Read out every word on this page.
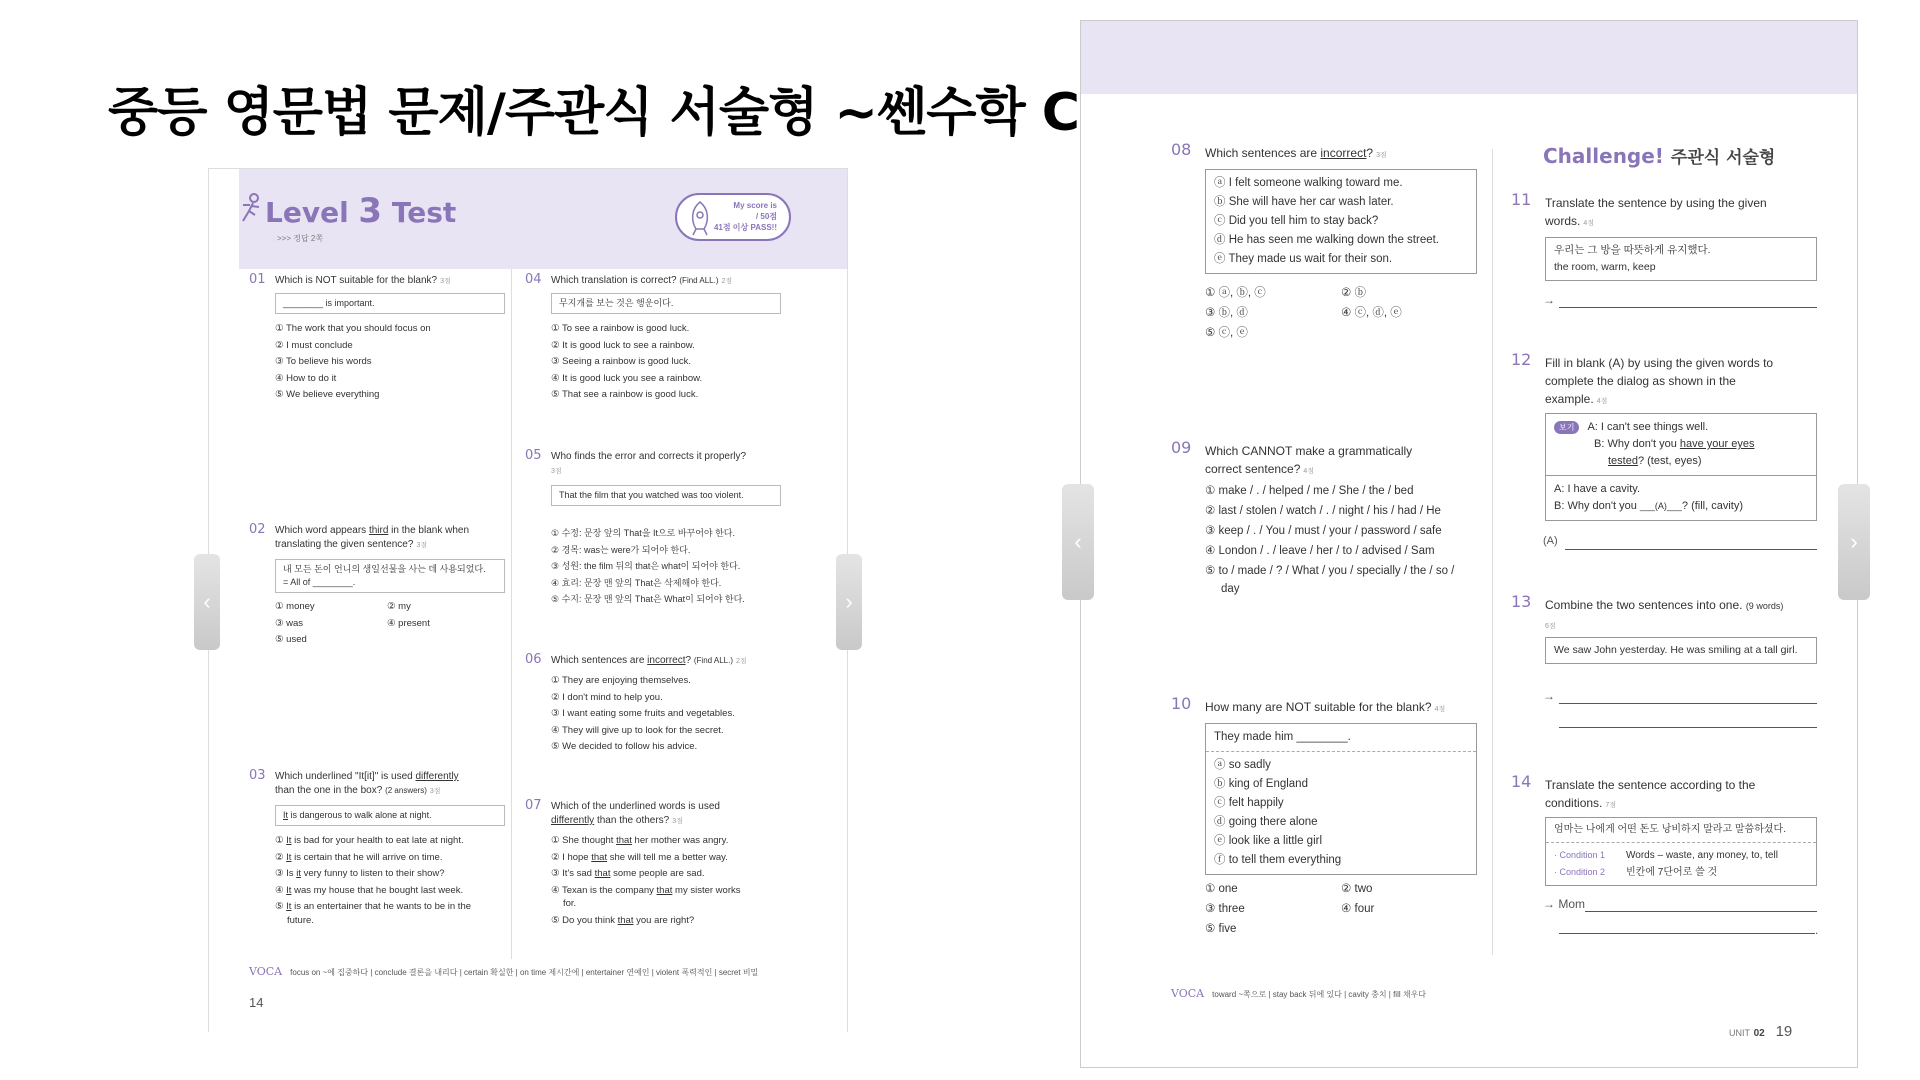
중등 영문법 문제/주관식 서술형 ~쎈수학 C
Level 3 Test
>>> 정답 2쪽
My score is
/ 50점
41점 이상 PASS!!
01 Which is NOT suitable for the blank? 3점
________ is important.
① The work that you should focus on
② I must conclude
③ To believe his words
④ How to do it
⑤ We believe everything
02 Which word appears third in the blank when
translating the given sentence? 3점
내 모든 돈이 언니의 생일선물을 사는 데 사용되었다.
= All of ________.
① money	② my
③ was	④ present
⑤ used
03 Which underlined "It[it]" is used differently
than the one in the box? (2 answers) 3점
It is dangerous to walk alone at night.
① It is bad for your health to eat late at night.
② It is certain that he will arrive on time.
③ Is it very funny to listen to their show?
④ It was my house that he bought last week.
⑤ It is an entertainer that he wants to be in the
future.
04 Which translation is correct? (Find ALL.) 2점
무지개를 보는 것은 행운이다.
① To see a rainbow is good luck.
② It is good luck to see a rainbow.
③ Seeing a rainbow is good luck.
④ It is good luck you see a rainbow.
⑤ That see a rainbow is good luck.
05 Who finds the error and corrects it properly?
3점
That the film that you watched was too violent.
① 수정: 문장 앞의 That을 It으로 바꾸어야 한다.
② 경목: was는 were가 되어야 한다.
③ 성원: the film 뒤의 that은 what이 되어야 한다.
④ 효리: 문장 맨 앞의 That은 삭제해야 한다.
⑤ 수지: 문장 맨 앞의 That은 What이 되어야 한다.
06 Which sentences are incorrect? (Find ALL.) 2점
① They are enjoying themselves.
② I don't mind to help you.
③ I want eating some fruits and vegetables.
④ They will give up to look for the secret.
⑤ We decided to follow his advice.
07 Which of the underlined words is used
differently than the others? 3점
① She thought that her mother was angry.
② I hope that she will tell me a better way.
③ It's sad that some people are sad.
④ Texan is the company that my sister works
for.
⑤ Do you think that you are right?
VOCA focus on ~에 집중하다 | conclude 결론을 내리다 | certain 확실한 | on time 제시간에 | entertainer 연예인 | violent 폭력적인 | secret 비밀
14
‹	›
08 Which sentences are incorrect? 3점
ⓐ I felt someone walking toward me.
ⓑ She will have her car wash later.
ⓒ Did you tell him to stay back?
ⓓ He has seen me walking down the street.
ⓔ They made us wait for their son.
① ⓐ, ⓑ, ⓒ	② ⓑ
③ ⓑ, ⓓ	④ ⓒ, ⓓ, ⓔ
⑤ ⓒ, ⓔ
09 Which CANNOT make a grammatically
correct sentence? 4점
① make / . / helped / me / She / the / bed
② last / stolen / watch / . / night / his / had / He
③ keep / . / You / must / your / password / safe
④ London / . / leave / her / to / advised / Sam
⑤ to / made / ? / What / you / specially / the / so /
day
10 How many are NOT suitable for the blank? 4점
They made him ________.
ⓐ so sadly
ⓑ king of England
ⓒ felt happily
ⓓ going there alone
ⓔ look like a little girl
ⓕ to tell them everything
① one	② two
③ three	④ four
⑤ five
Challenge! 주관식 서술형
11 Translate the sentence by using the given
words. 4점
우리는 그 방을 따뜻하게 유지했다.
the room, warm, keep
→
12 Fill in blank (A) by using the given words to
complete the dialog as shown in the
example. 4점
보기 A: I can't see things well.
B: Why don't you have your eyes
tested? (test, eyes)
A: I have a cavity.
B: Why don't you ___(A)___? (fill, cavity)
(A)
13 Combine the two sentences into one. (9 words)
6점
We saw John yesterday. He was smiling at a tall girl.
→
14 Translate the sentence according to the
conditions. 7점
엄마는 나에게 어떤 돈도 낭비하지 말라고 말씀하셨다.
· Condition 1 Words – waste, any money, to, tell
· Condition 2 빈칸에 7단어로 쓸 것
→ Mom
.
VOCA toward ~쪽으로 | stay back 뒤에 있다 | cavity 충치 | fill 채우다
UNIT 02 19
‹	›
